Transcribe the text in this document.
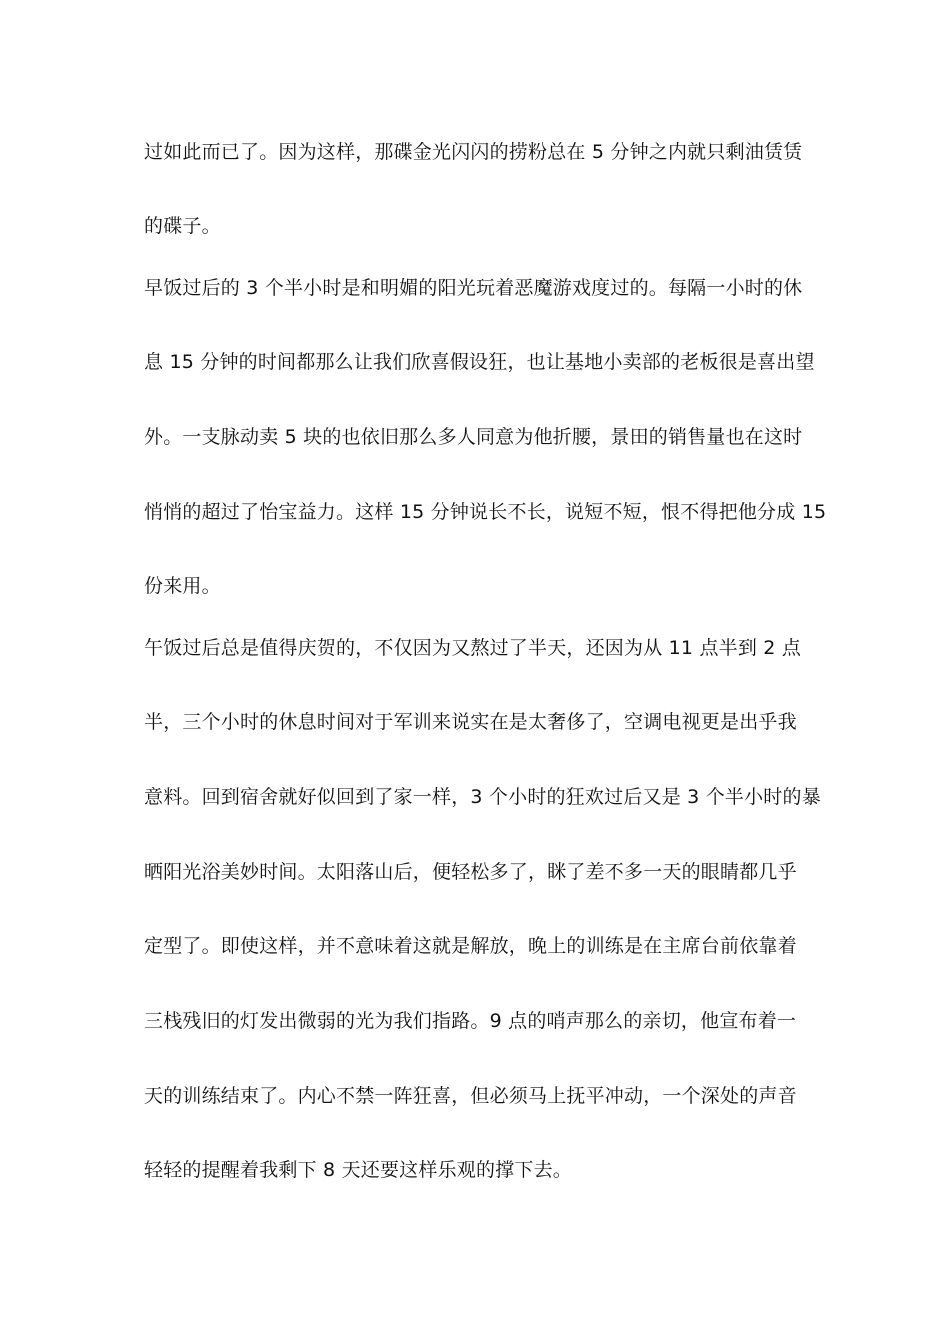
过如此而已了。因为这样，那碟金光闪闪的捞粉总在 5 分钟之内就只剩油赁赁
的碟子。
早饭过后的 3 个半小时是和明媚的阳光玩着恶魔游戏度过的。每隔一小时的休
息 15 分钟的时间都那么让我们欣喜假设狂，也让基地小卖部的老板很是喜出望
外。一支脉动卖 5 块的也依旧那么多人同意为他折腰，景田的销售量也在这时
悄悄的超过了怡宝益力。这样 15 分钟说长不长，说短不短，恨不得把他分成 15
份来用。
午饭过后总是值得庆贺的，不仅因为又熬过了半天，还因为从 11 点半到 2 点
半，三个小时的休息时间对于军训来说实在是太奢侈了，空调电视更是出乎我
意料。回到宿舍就好似回到了家一样，3 个小时的狂欢过后又是 3 个半小时的暴
晒阳光浴美妙时间。太阳落山后，便轻松多了，眯了差不多一天的眼睛都几乎
定型了。即使这样，并不意味着这就是解放，晚上的训练是在主席台前依靠着
三栈残旧的灯发出微弱的光为我们指路。9 点的哨声那么的亲切，他宣布着一
天的训练结束了。内心不禁一阵狂喜，但必须马上抚平冲动，一个深处的声音
轻轻的提醒着我剩下 8 天还要这样乐观的撑下去。
